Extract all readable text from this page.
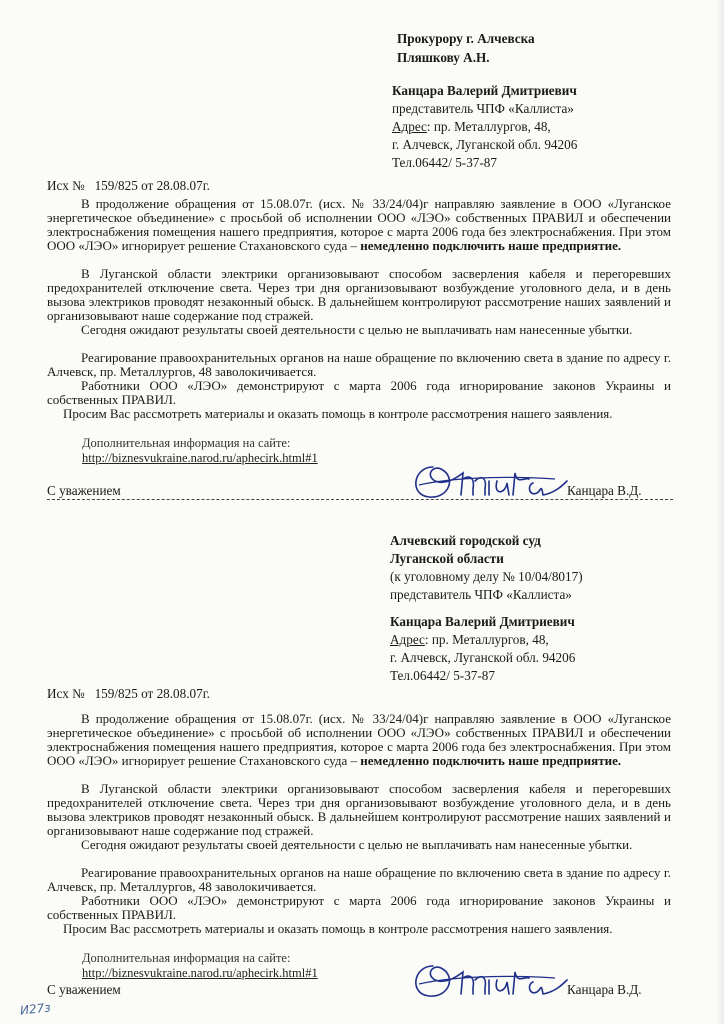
Прокурору г. Алчевска
Пляшкову А.Н.
Канцара Валерий Дмитриевич
представитель ЧПФ «Каллиста»
Адрес: пр. Металлургов, 48,
г. Алчевск, Луганской обл. 94206
Тел.06442/ 5-37-87
Исх №   159/825 от 28.08.07г.
В продолжение обращения от 15.08.07г. (исх. № 33/24/04)г направляю заявление в ООО «Луганское энергетическое объединение» с просьбой об исполнении ООО «ЛЭО» собственных ПРАВИЛ и обеспечении электроснабжения помещения нашего предприятия, которое с марта 2006 года без электроснабжения. При этом ООО «ЛЭО» игнорирует решение Стахановского суда – немедленно подключить наше предприятие.
В Луганской области электрики организовывают способом засверления кабеля и перегоревших предохранителей отключение света. Через три дня организовывают возбуждение уголовного дела, и в день вызова электриков проводят незаконный обыск. В дальнейшем контролируют рассмотрение наших заявлений и организовывают наше содержание под стражей.
Сегодня ожидают результаты своей деятельности с целью не выплачивать нам нанесенные убытки.
Реагирование правоохранительных органов на наше обращение по включению света в здание по адресу г. Алчевск, пр. Металлургов, 48 заволокичивается.
Работники ООО «ЛЭО» демонстрируют с марта 2006 года игнорирование законов Украины и собственных ПРАВИЛ.
Просим Вас рассмотреть материалы и оказать помощь в контроле рассмотрения нашего заявления.
Дополнительная информация на сайте:
http://biznesvukraine.narod.ru/aphecirk.html#1
С уважением	Канцара В.Д.
Алчевский городской суд
Луганской области
(к уголовному делу № 10/04/8017)
представитель ЧПФ «Каллиста»
Канцара Валерий Дмитриевич
Адрес: пр. Металлургов, 48,
г. Алчевск, Луганской обл. 94206
Тел.06442/ 5-37-87
Исх №   159/825 от 28.08.07г.
В продолжение обращения от 15.08.07г. (исх. № 33/24/04)г направляю заявление в ООО «Луганское энергетическое объединение» с просьбой об исполнении ООО «ЛЭО» собственных ПРАВИЛ и обеспечении электроснабжения помещения нашего предприятия, которое с марта 2006 года без электроснабжения. При этом ООО «ЛЭО» игнорирует решение Стахановского суда – немедленно подключить наше предприятие.
В Луганской области электрики организовывают способом засверления кабеля и перегоревших предохранителей отключение света. Через три дня организовывают возбуждение уголовного дела, и в день вызова электриков проводят незаконный обыск. В дальнейшем контролируют рассмотрение наших заявлений и организовывают наше содержание под стражей.
Сегодня ожидают результаты своей деятельности с целью не выплачивать нам нанесенные убытки.
Реагирование правоохранительных органов на наше обращение по включению света в здание по адресу г. Алчевск, пр. Металлургов, 48 заволокичивается.
Работники ООО «ЛЭО» демонстрируют с марта 2006 года игнорирование законов Украины и собственных ПРАВИЛ.
Просим Вас рассмотреть материалы и оказать помощь в контроле рассмотрения нашего заявления.
Дополнительная информация на сайте:
http://biznesvukraine.narod.ru/aphecirk.html#1
С уважением	Канцара В.Д.
И27з
